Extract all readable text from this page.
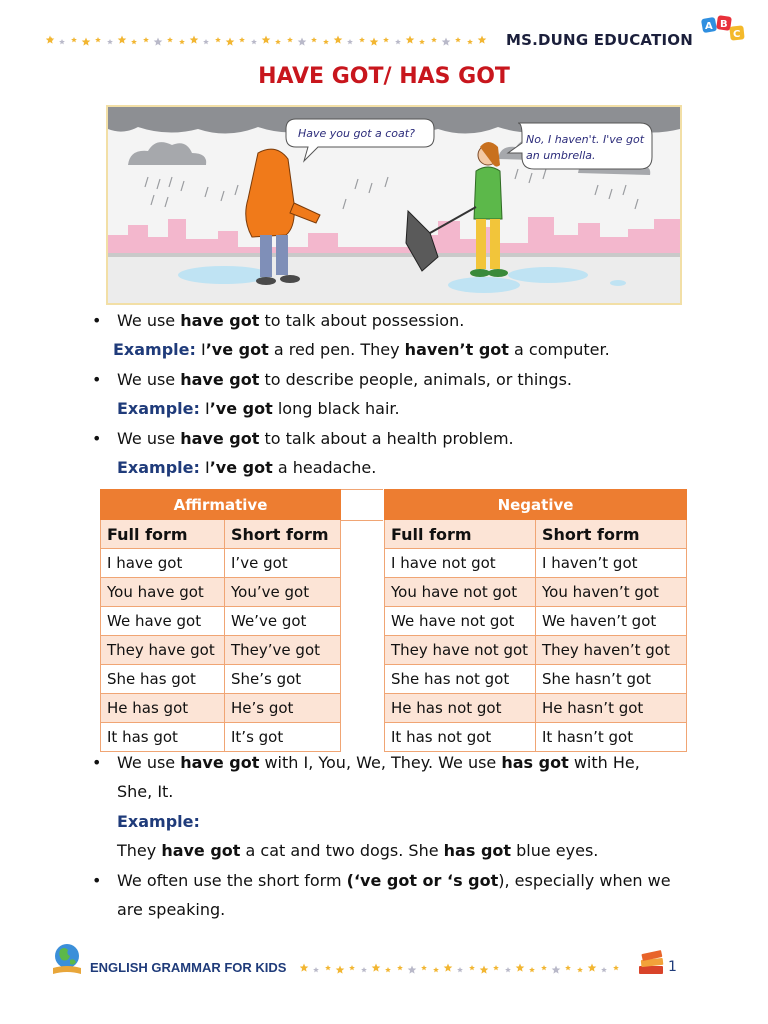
MS.DUNG EDUCATION
A B
C
HAVE GOT/ HAS GOT
Have you got a coat?	No, I haven't. I've got
an umbrella.
• We use have got to talk about possession.
Example: I’ve got a red pen. They haven’t got a computer.
• We use have got to describe people, animals, or things.
Example: I’ve got long black hair.
• We use have got to talk about a health problem.
Example: I’ve got a headache.
Affirmative	
Full form	Short form
I have got	I’ve got
You have got	You’ve got
We have got	We’ve got
They have got	They’ve got
She has got	She’s got
He has got	He’s got
It has got	It’s got
Negative	
Full form	Short form
I have not got	I haven’t got
You have not got	You haven’t got
We have not got	We haven’t got
They have not got	They haven’t got
She has not got	She hasn’t got
He has not got	He hasn’t got
It has not got	It hasn’t got
• We use have got with I, You, We, They. We use has got with He,
She, It.
Example:
They have got a cat and two dogs. She has got blue eyes.
• We often use the short form (‘ve got or ‘s got), especially when we
are speaking.
ENGLISH GRAMMAR FOR KIDS	1
